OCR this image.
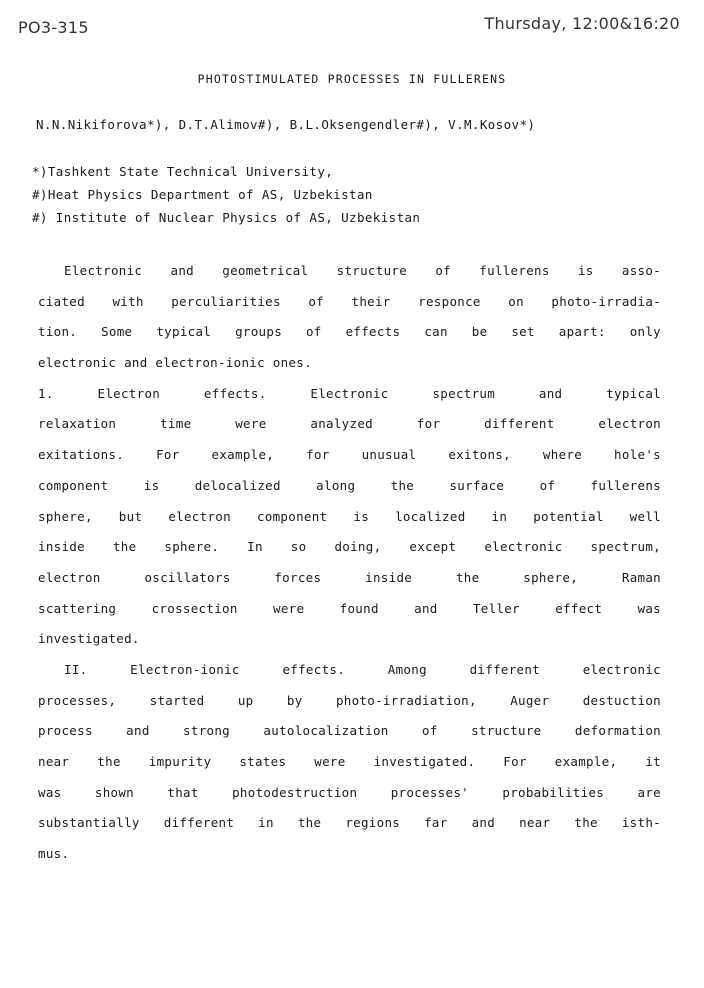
PO3-315	Thursday, 12:00&16:20
PHOTOSTIMULATED PROCESSES IN FULLERENS
N.N.Nikiforova*), D.T.Alimov#), B.L.Oksengendler#), V.M.Kosov*)
*)Tashkent State Technical University,
#)Heat Physics Department of AS, Uzbekistan
#) Institute of Nuclear Physics of AS, Uzbekistan
Electronic and geometrical structure of fullerens is asso-
ciated with perculiarities of their responce on photo-irradia-
tion. Some typical groups of effects can be set apart: only
electronic and electron-ionic ones.
1. Electron effects. Electronic spectrum and typical
relaxation time were analyzed for different electron
exitations. For example, for unusual exitons, where hole's
component is delocalized along the surface of fullerens
sphere, but electron component is localized in potential well
inside the sphere. In so doing, except electronic spectrum,
electron oscillators forces inside the sphere, Raman
scattering crossection were found and Teller effect was
investigated.
II. Electron-ionic effects. Among different electronic
processes, started up by photo-irradiation, Auger destuction
process and strong autolocalization of structure deformation
near the impurity states were investigated. For example, it
was shown that photodestruction processes' probabilities are
substantially different in the regions far and near the isth-
mus.
